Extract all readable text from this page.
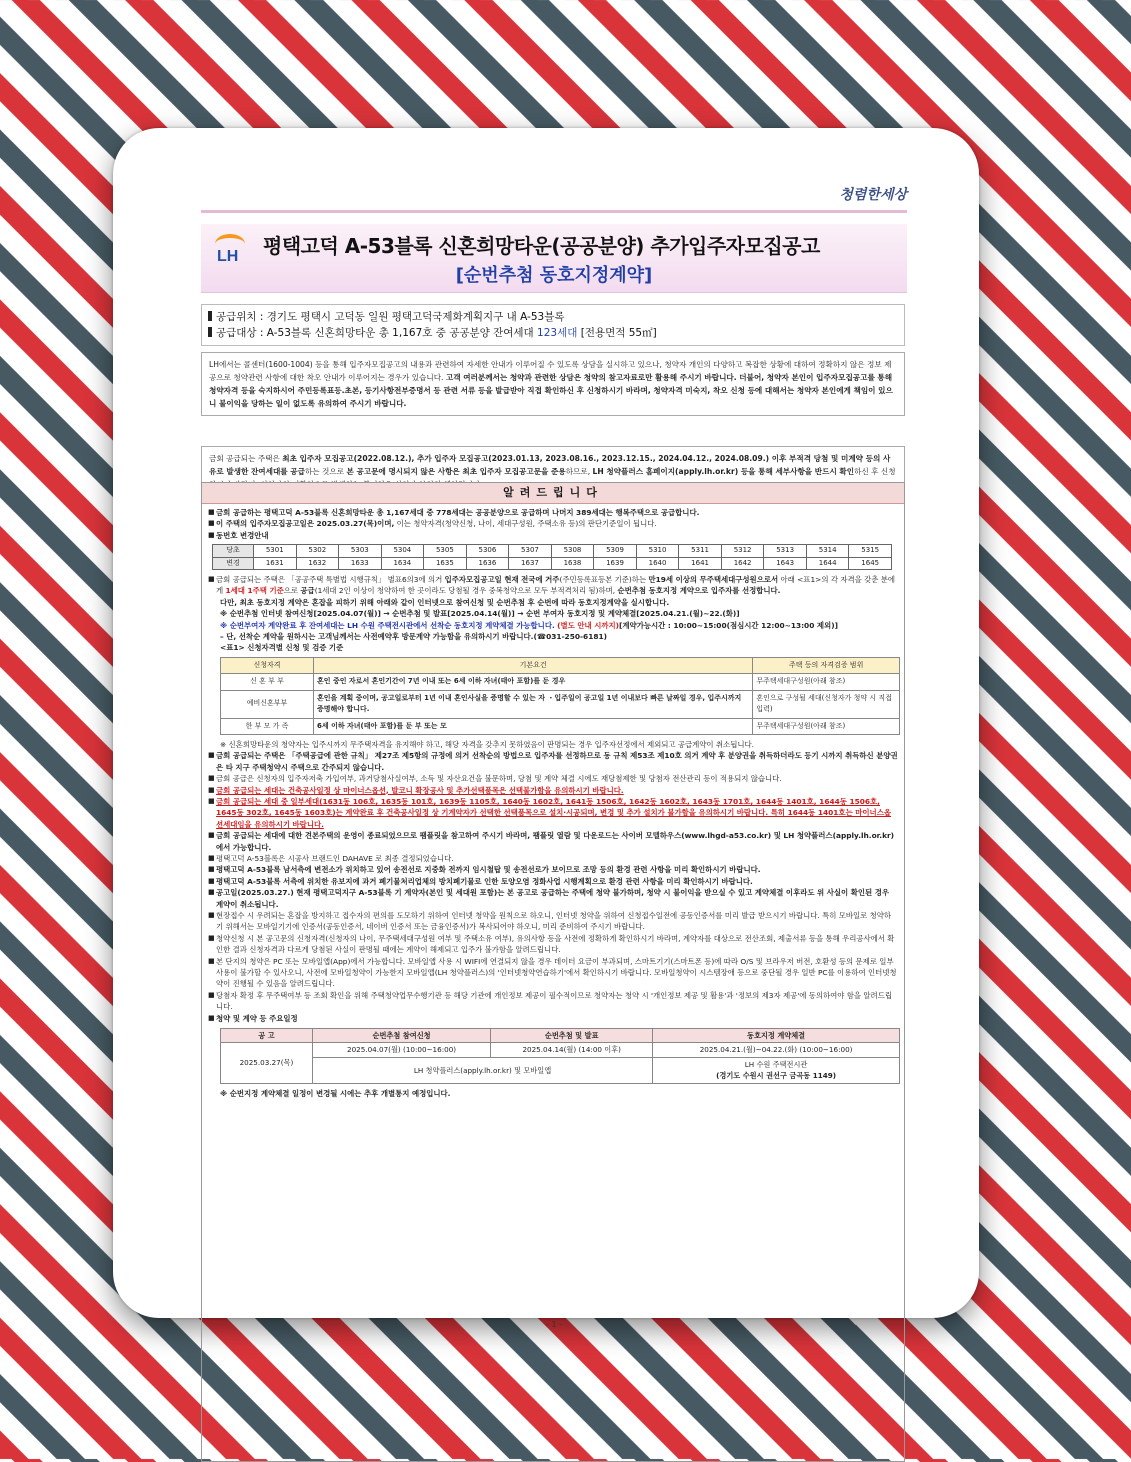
청렴한세상
LH 평택고덕 A-53블록 신혼희망타운(공공분양) 추가입주자모집공고
[순번추첨 동호지정계약]
공급위치 : 경기도 평택시 고덕동 일원 평택고덕국제화계획지구 내 A-53블록
공급대상 : A-53블록 신혼희망타운 총 1,167호 중 공공분양 잔여세대 123세대 [전용면적 55㎡]
LH에서는 콜센터(1600-1004) 등을 통해 입주자모집공고의 내용과 관련하여 자세한 안내가 이루어질 수 있도록 상담을 실시하고 있으나, 청약자 개인의 다양하고 복잡한 상황에 대하여 정확하지 않은 정보 제공으로 청약관련 사항에 대한 착오 안내가 이루어지는 경우가 있습니다. 고객 여러분께서는 청약과 관련한 상담은 청약의 참고자료로만 활용해 주시기 바랍니다. 더불어, 청약자 본인이 입주자모집공고를 통해 청약자격 등을 숙지하시어 주민등록표등.초본, 등기사항전부증명서 등 관련 서류 등을 발급받아 직접 확인하신 후 신청하시기 바라며, 청약자격 미숙지, 착오 신청 등에 대해서는 청약자 본인에게 책임이 있으니 불이익을 당하는 일이 없도록 유의하여 주시기 바랍니다.
금회 공급되는 주택은 최초 입주자 모집공고(2022.08.12.), 추가 입주자 모집공고(2023.01.13, 2023.08.16., 2023.12.15., 2024.04.12., 2024.08.09.) 이후 부적격 당첨 및 미계약 등의 사유로 발생한 잔여세대를 공급하는 것으로 본 공고문에 명시되지 않은 사항은 최초 입주자 모집공고문을 준용하므로, LH 청약플러스 홈페이지(apply.lh.or.kr) 등을 통해 세부사항을 반드시 확인하신 후 신청
알려드립니다
■ 금회 공급하는 평택고덕 A-53블록 신혼희망타운 총 1,167세대 중 778세대는 공공분양으로 공급하며 나머지 389세대는 행복주택으로 공급합니다.
■ 이 주택의 입주자모집공고일은 2025.03.27(목)이며, 이는 청약자격(청약신청, 나이, 세대구성원, 주택소유 등)의 판단기준일이 됩니다.
■ 동번호 변경안내
당초	5301	5302	5303	5304	5305	5306	5307	5308	5309	5310	5311	5312	5313	5314	5315
변경	1631	1632	1633	1634	1635	1636	1637	1638	1639	1640	1641	1642	1643	1644	1645
■ 금회 공급되는 주택은 「공공주택 특별법 시행규칙」 별표6의3에 의거 입주자모집공고일 현재 전국에 거주(주민등록표등본 기준)하는 만19세 이상의 무주택세대구성원으로서 아래 <표1>의 각 자격을 갖춘 분에게 1세대 1주택 기준으로 공급(1세대 2인 이상이 청약하여 한 곳이라도 당첨될 경우 중복청약으로 모두 부적격처리 됨)하며, 순번추첨 동호지정 계약으로 입주자를 선정합니다.
다만, 최초 동호지정 계약은 혼잡을 피하기 위해 아래와 같이 인터넷으로 참여신청 및 순번추첨 후 순번에 따라 동호지정계약을 실시합니다.
※ 순번추첨 인터넷 참여신청[2025.04.07(월)] → 순번추첨 및 발표[2025.04.14(월)] → 순번 부여자 동호지정 및 계약체결[2025.04.21.(월)~22.(화)]
※ 순번부여자 계약완료 후 잔여세대는 LH 수원 주택전시관에서 선착순 동호지정 계약체결 가능합니다. (별도 안내 시까지)[계약가능시간 : 10:00~15:00(점심시간 12:00~13:00 제외)]
– 단, 선착순 계약을 원하시는 고객님께서는 사전예약후 방문계약 가능함을 유의하시기 바랍니다.(☎031-250-6181)
<표1> 신청자격별 신청 및 검증 기준
신청자격	기본요건	주택 등의 자격검증 범위
신 혼 부 부	혼인 중인 자로서 혼인기간이 7년 이내 또는 6세 이하 자녀(태아 포함)를 둔 경우	무주택세대구성원(아래 참조)
예비신혼부부	혼인을 계획 중이며, 공고일로부터 1년 이내 혼인사실을 증명할 수 있는 자 ・입주일이 공고일 1년 이내보다 빠른 날짜일 경우, 입주시까지 증명해야 합니다.	혼인으로 구성될 세대(신청자가 청약 시 직접 입력)
한 부 모 가 족	6세 이하 자녀(태아 포함)를 둔 부 또는 모	무주택세대구성원(아래 참조)
※ 신혼희망타운의 청약자는 입주시까지 무주택자격을 유지해야 하고, 해당 자격을 갖추지 못하였음이 판명되는 경우 입주자선정에서 제외되고 공급계약이 취소됩니다.
■ 금회 공급되는 주택은 「주택공급에 관한 규칙」 제27조 제5항의 규정에 의거 선착순의 방법으로 입주자를 선정하므로 동 규칙 제53조 제10호 의거 계약 후 분양권을 취득하더라도 등기 시까지 취득하신 분양권은 타 지구 주택청약시 주택으로 간주되지 않습니다.
■ 금회 공급은 신청자의 입주자저축 가입여부, 과거당첨사실여부, 소득 및 자산요건을 불문하며, 당첨 및 계약 체결 시에도 재당첨제한 및 당첨자 전산관리 등이 적용되지 않습니다.
■ 금회 공급되는 세대는 건축공사일정 상 마이너스옵션, 발코니 확장공사 및 추가선택품목은 선택불가함을 유의하시기 바랍니다.
■ 금회 공급되는 세대 중 일부세대(1631동 106호, 1635동 101호, 1639동 1105호, 1640동 1602호, 1641동 1506호, 1642동 1602호, 1643동 1701호, 1644동 1401호, 1644동 1506호, 1645동 302호, 1645동 1603호)는 계약완료 후 건축공사일정 상 기계약자가 선택한 선택품목으로 설치·시공되며, 변경 및 추가 설치가 불가함을 유의하시기 바랍니다. 특히 1644동 1401호는 마이너스옵션세대임을 유의하시기 바랍니다.
■ 금회 공급되는 세대에 대한 견본주택의 운영이 종료되었으므로 팸플릿을 참고하여 주시기 바라며, 팸플릿 열람 및 다운로드는 사이버 모델하우스(www.lhgd-a53.co.kr) 및 LH 청약플러스(apply.lh.or.kr)에서 가능합니다.
■ 평택고덕 A-53블록은 시공사 브랜드인 DAHAVE 로 최종 결정되었습니다.
■ 평택고덕 A-53블록 남서측에 변전소가 위치하고 있어 송전선로 지중화 전까지 임시철탑 및 송전선로가 보이므로 조망 등의 환경 관련 사항을 미리 확인하시기 바랍니다.
■ 평택고덕 A-53블록 서측에 위치한 유보지에 과거 폐기물처리업체의 방치폐기물로 인한 토양오염 정화사업 시행계획으로 환경 관련 사항을 미리 확인하시기 바랍니다.
■ 공고일(2025.03.27.) 현재 평택고덕지구 A-53블록 기 계약자(본인 및 세대원 포함)는 본 공고로 공급하는 주택에 청약 불가하며, 청약 시 불이익을 받으실 수 있고 계약체결 이후라도 위 사실이 확인된 경우 계약이 취소됩니다.
■ 현장접수 시 우려되는 혼잡을 방지하고 접수자의 편의를 도모하기 위하여 인터넷 청약을 원칙으로 하오니, 인터넷 청약을 위하여 신청접수일전에 공동인증서를 미리 발급 받으시기 바랍니다. 특히 모바일로 청약하기 위해서는 모바일기기에 인증서(공동인증서, 네이버 인증서 또는 금융인증서)가 복사되어야 하오니, 미리 준비하여 주시기 바랍니다.
■ 청약신청 시 본 공고문의 신청자격(신청자의 나이, 무주택세대구성원 여부 및 주택소유 여부), 유의사항 등을 사전에 정확하게 확인하시기 바라며, 계약자를 대상으로 전산조회, 제출서류 등을 통해 우리공사에서 확인한 결과 신청자격과 다르게 당첨된 사실이 판명될 때에는 계약이 해제되고 입주가 불가함을 알려드립니다.
■ 본 단지의 청약은 PC 또는 모바일앱(App)에서 가능합니다. 모바일앱 사용 시 WIFI에 연결되지 않을 경우 데이터 요금이 부과되며, 스마트기기(스마트폰 등)에 따라 O/S 및 브라우저 버전, 호환성 등의 문제로 일부 사용이 불가할 수 있사오니, 사전에 모바일청약이 가능한지 모바일앱(LH 청약플러스)의 '인터넷청약연습하기'에서 확인하시기 바랍니다. 모바일청약이 시스템장애 등으로 중단될 경우 일반 PC를 이용하여 인터넷청약이 진행될 수 있음을 알려드립니다.
■ 당첨자 확정 후 무주택여부 등 조회 확인을 위해 주택청약업무수행기관 등 해당 기관에 개인정보 제공이 필수적이므로 청약자는 청약 시 '개인정보 제공 및 활용'과 '정보의 제3자 제공'에 동의하여야 함을 알려드립니다.
■ 청약 및 계약 등 주요일정
공 고	순번추첨 참여신청	순번추첨 및 발표	동호지정 계약체결
2025.03.27(목)	2025.04.07(월) (10:00~16:00)	2025.04.14(월) (14:00 이후)	2025.04.21.(월)~04.22.(화) (10:00~16:00)
	LH 청약플러스(apply.lh.or.kr) 및 모바일앱		LH 수원 주택전시관
(경기도 수원시 권선구 금곡동 1149)
※ 순번지정 계약체결 일정이 변경될 시에는 추후 개별통지 예정입니다.
- 1 -
